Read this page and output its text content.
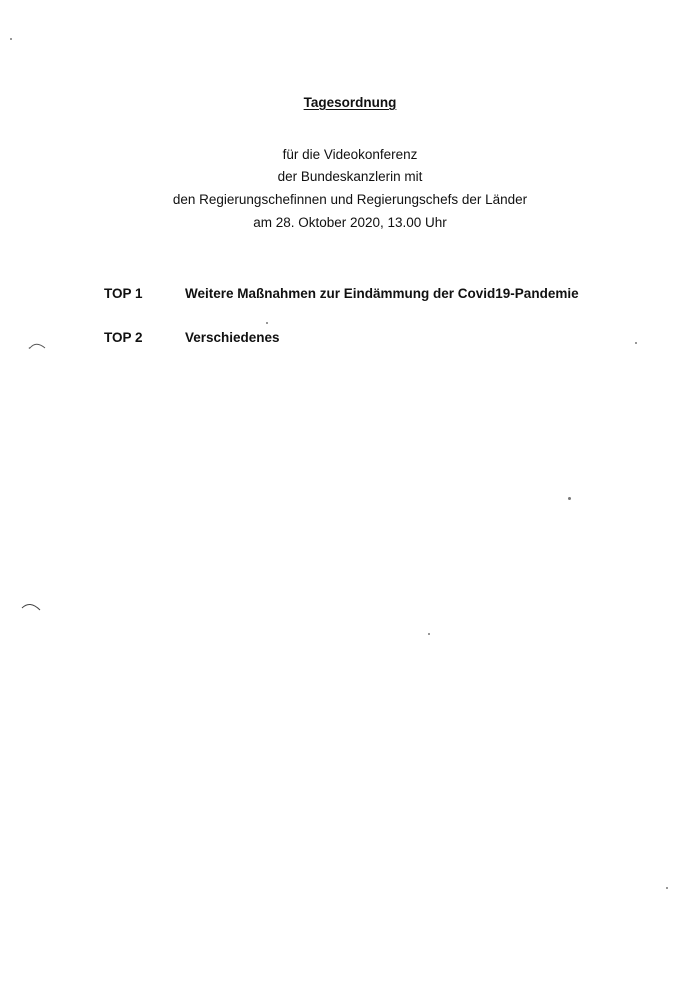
Tagesordnung
für die Videokonferenz
der Bundeskanzlerin mit
den Regierungschefinnen und Regierungschefs der Länder
am 28. Oktober 2020, 13.00 Uhr
TOP 1	Weitere Maßnahmen zur Eindämmung der Covid19-Pandemie
TOP 2	Verschiedenes
